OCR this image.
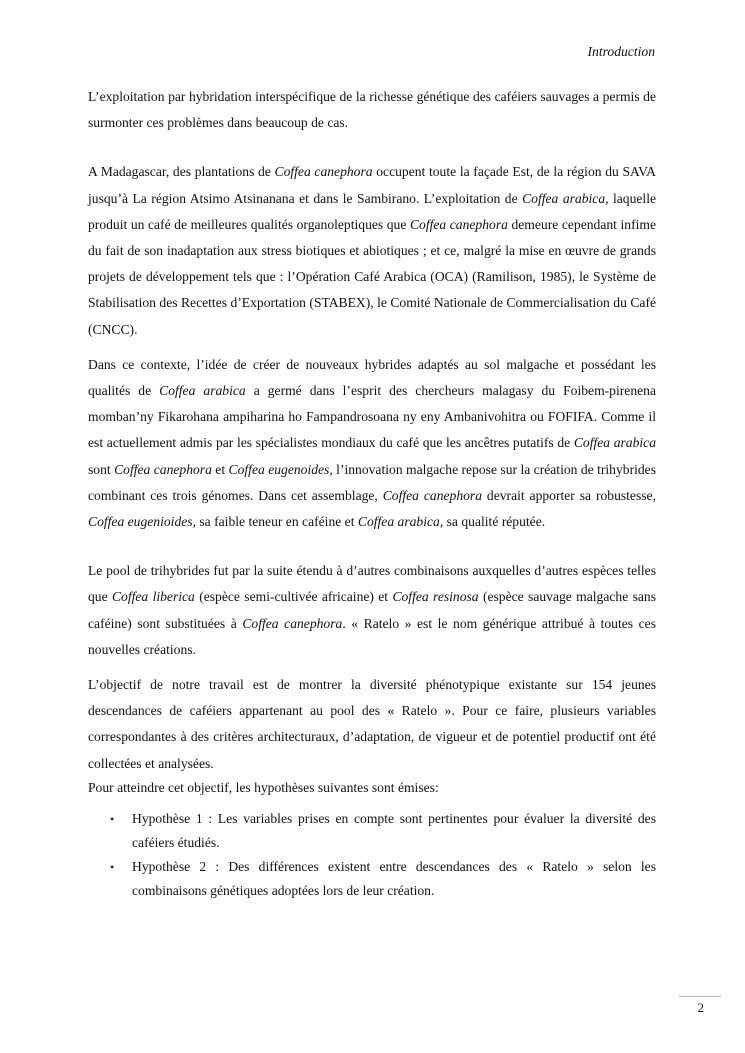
Introduction

L’exploitation par hybridation interspécifique de la richesse génétique des caféiers sauvages a permis de surmonter ces problèmes dans beaucoup de cas.

A Madagascar, des plantations de Coffea canephora occupent toute la façade Est, de la région du SAVA jusqu’à La région Atsimo Atsinanana et dans le Sambirano. L’exploitation de Coffea arabica, laquelle produit un café de meilleures qualités organoleptiques que Coffea canephora demeure cependant infime du fait de son inadaptation aux stress biotiques et abiotiques ; et ce, malgré la mise en œuvre de grands projets de développement tels que : l’Opération Café Arabica (OCA) (Ramilison, 1985), le Système de Stabilisation des Recettes d’Exportation (STABEX), le Comité Nationale de Commercialisation du Café (CNCC).

Dans ce contexte, l’idée de créer de nouveaux hybrides adaptés au sol malgache et possédant les qualités de Coffea arabica a germé dans l’esprit des chercheurs malagasy du Foibem-pirenena momban’ny Fikarohana ampiharina ho Fampandrosoana ny eny Ambanivohitra ou FOFIFA. Comme il est actuellement admis par les spécialistes mondiaux du café que les ancêtres putatifs de Coffea arabica sont Coffea canephora et Coffea eugenoides, l’innovation malgache repose sur la création de trihybrides combinant ces trois génomes. Dans cet assemblage, Coffea canephora devrait apporter sa robustesse, Coffea eugenioides, sa faible teneur en caféine et Coffea arabica, sa qualité réputée.

Le pool de trihybrides fut par la suite étendu à d’autres combinaisons auxquelles d’autres espèces telles que Coffea liberica (espèce semi-cultivée africaine) et Coffea resinosa (espèce sauvage malgache sans caféine) sont substituées à Coffea canephora. « Ratelo » est le nom générique attribué à toutes ces nouvelles créations.

L’objectif de notre travail est de montrer la diversité phénotypique existante sur 154 jeunes descendances de caféiers appartenant au pool des « Ratelo ». Pour ce faire, plusieurs variables correspondantes à des critères architecturaux, d’adaptation, de vigueur et de potentiel productif ont été collectées et analysées.

Pour atteindre cet objectif, les hypothèses suivantes sont émises:

• Hypothèse 1 : Les variables prises en compte sont pertinentes pour évaluer la diversité des caféiers étudiés.
• Hypothèse 2 : Des différences existent entre descendances des « Ratelo » selon les combinaisons génétiques adoptées lors de leur création.
2
